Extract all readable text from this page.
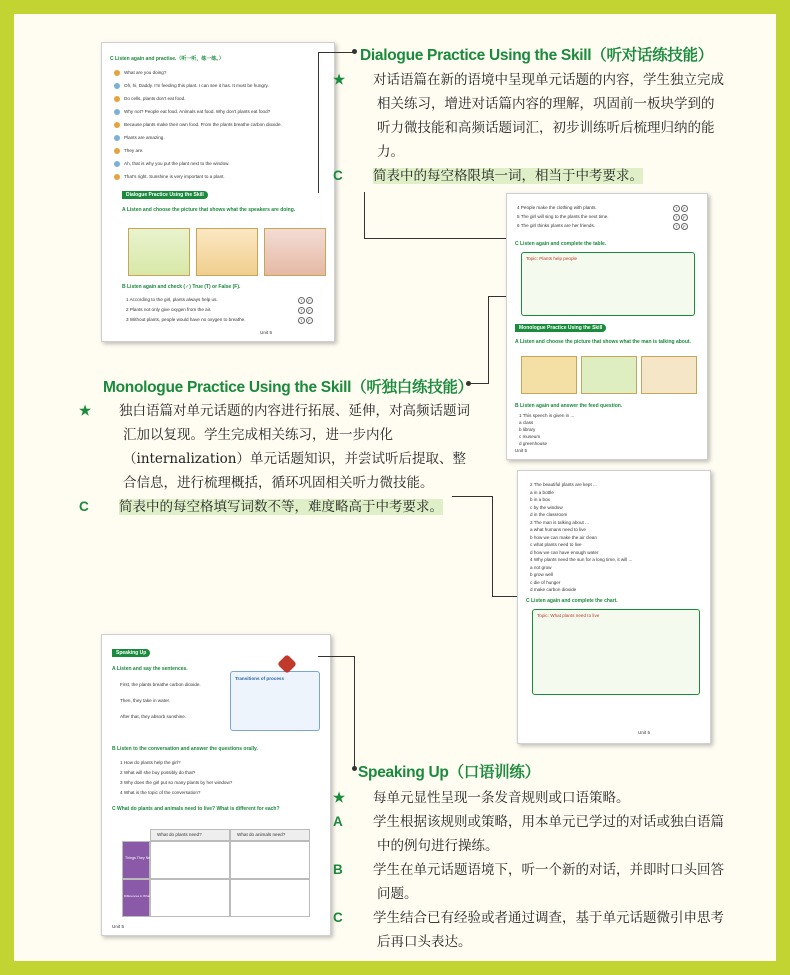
C Listen again and practise.（听一听，练一练。）
What are you doing?
Oh, hi, Daddy. I'm feeding this plant. I can see it has. It must be hungry.
Do cells, plants don't eat food.
Why not? People eat food. Animals eat food. Why don't plants eat food?
Because plants make their own food. From the plants breathe carbon dioxide.
Plants are amazing.
They are.
Ah, that is why you put the plant next to the window.
That's right. Sunshine is very important to a plant.
Dialogue Practice Using the Skill
A Listen and choose the picture that shows what the speakers are doing.
B Listen again and check (✓) True (T) or False (F).
1 According to the girl, plants always help us.	T	F
2 Plants not only give oxygen from the air.	T	F
3 Without plants, people would have no oxygen to breathe.	T	F
Unit 5
4 People make the clothing with plants.	T	F
5 The girl will sing to the plants the next time.	T	F
6 The girl thinks plants are her friends.	T	F
C Listen again and complete the table.
Topic: Plants help people
Monologue Practice Using the Skill
A Listen and choose the picture that shows what the man is talking about.
B Listen again and answer the feed question.
1 This speech is given in ...
a class
b library
c museum
d greenhouse
Unit 5
2 The beautiful plants are kept ...
a in a bottle
b in a box
c by the window
d in the classroom
3 The man is talking about ...
a what humans need to live
b how we can make the air clean
c what plants need to live
d how we can have enough water
4 Why plants need the sun for a long time, it will ...
a not grow
b grow well
c die of hunger
d make carbon dioxide
C Listen again and complete the chart.
Topic: What plants need to live
Unit 5
Speaking Up
A Listen and say the sentences.
First, the plants breathe carbon dioxide.
Then, they take in water.
After that, they absorb sunshine.
Transitions of process
B Listen to the conversation and answer the questions orally.
1 How do plants help the girl?
2 What will she buy possibly do that?
3 Why does the girl put so many plants by her window?
4 What is the topic of the conversation?
C What do plants and animals need to live? What is different for each?
What do plants need?	What do animals need?
Things They Need
Differences in What They Need
Unit 5
Dialogue Practice Using the Skill（听对话练技能）
★ 对话语篇在新的语境中呈现单元话题的内容，学生独立完成相关练习，增进对话篇内容的理解，巩固前一板块学到的听力微技能和高频话题词汇，初步训练听后梳理归纳的能力。
C 简表中的每空格限填一词，相当于中考要求。
Monologue Practice Using the Skill（听独白练技能）
★ 独白语篇对单元话题的内容进行拓展、延伸，对高频话题词汇加以复现。学生完成相关练习，进一步内化（internalization）单元话题知识，并尝试听后提取、整合信息，进行梳理概括，循环巩固相关听力微技能。
C 简表中的每空格填写词数不等，难度略高于中考要求。
Speaking Up（口语训练）
★ 每单元显性呈现一条发音规则或口语策略。
A 学生根据该规则或策略，用本单元已学过的对话或独白语篇中的例句进行操练。
B 学生在单元话题语境下，听一个新的对话，并即时口头回答问题。
C 学生结合已有经验或者通过调查，基于单元话题微引申思考后再口头表达。
